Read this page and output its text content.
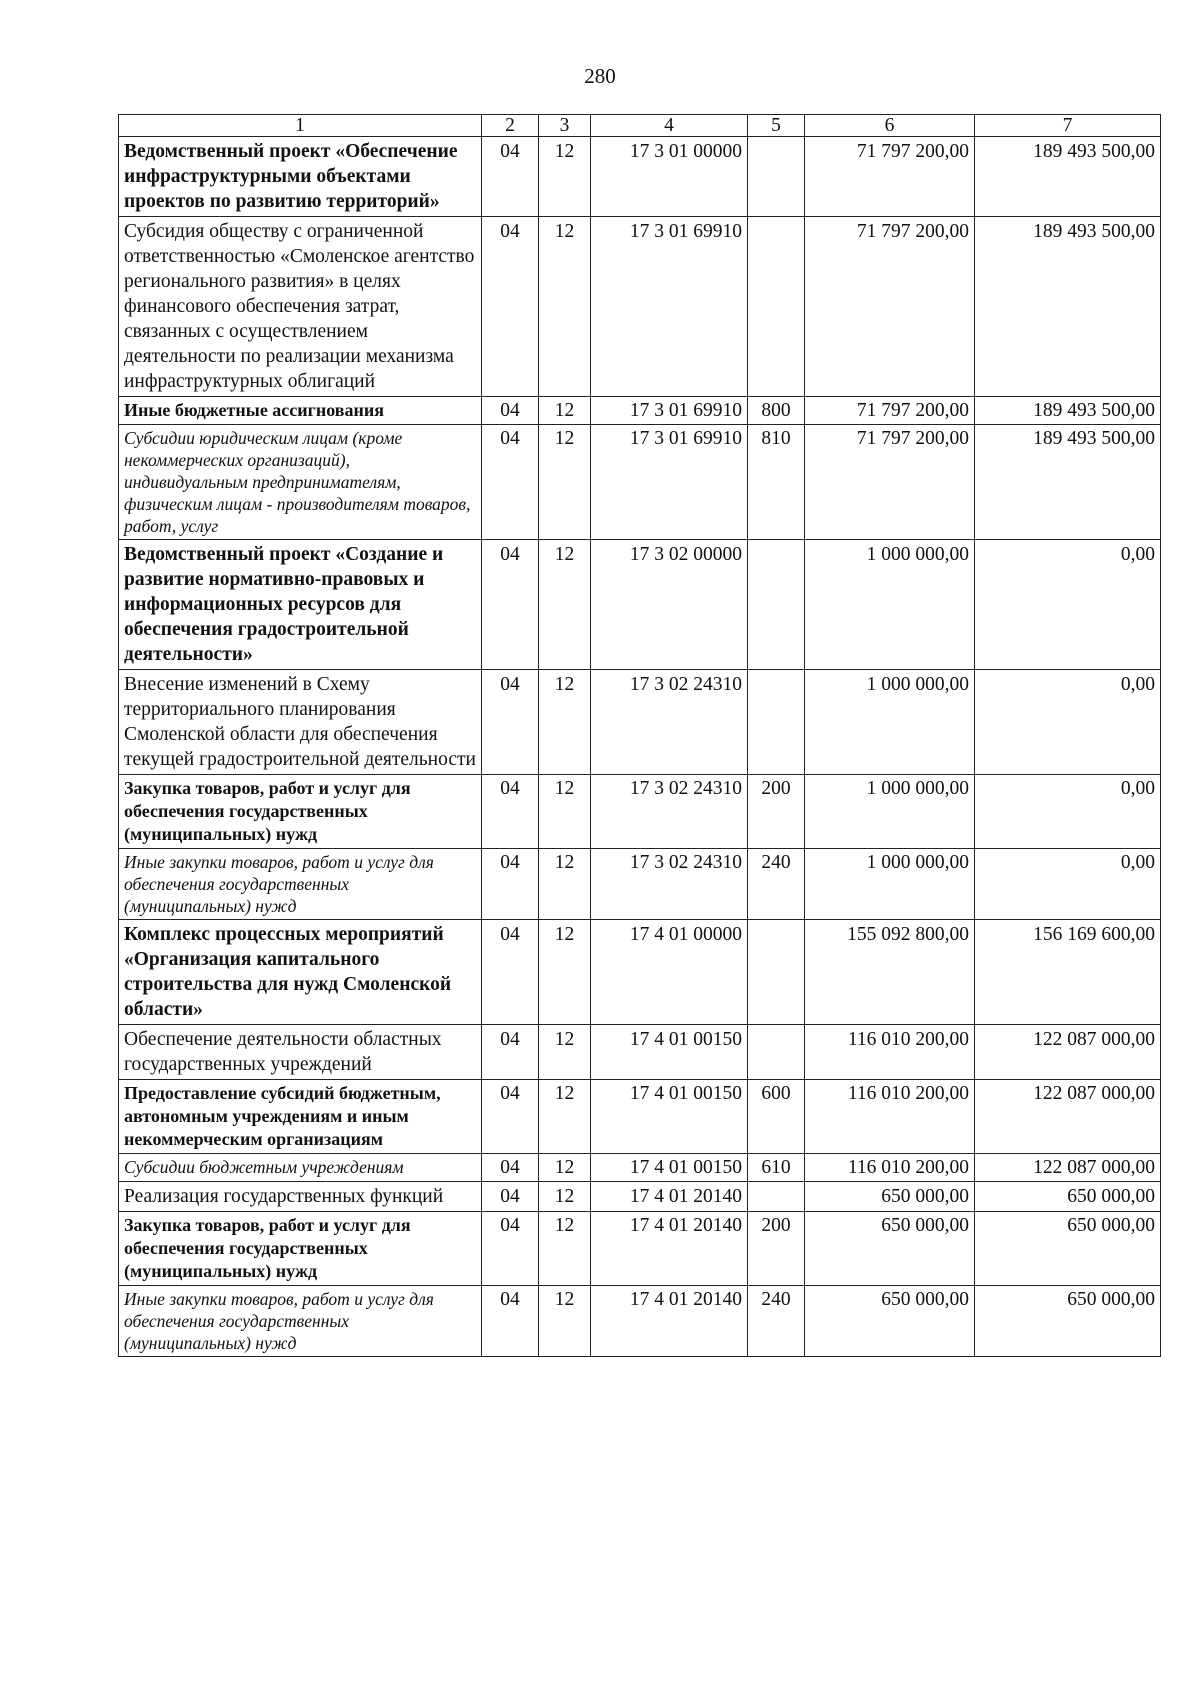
280
1	2	3	4	5	6	7
Ведомственный проект «Обеспечение инфраструктурными объектами проектов по развитию территорий»	04	12	17 3 01 00000		71 797 200,00	189 493 500,00
Субсидия обществу с ограниченной ответственностью «Смоленское агентство регионального развития» в целях финансового обеспечения затрат, связанных с осуществлением деятельности по реализации механизма инфраструктурных облигаций	04	12	17 3 01 69910		71 797 200,00	189 493 500,00
Иные бюджетные ассигнования	04	12	17 3 01 69910	800	71 797 200,00	189 493 500,00
Субсидии юридическим лицам (кроме некоммерческих организаций), индивидуальным предпринимателям, физическим лицам - производителям товаров, работ, услуг	04	12	17 3 01 69910	810	71 797 200,00	189 493 500,00
Ведомственный проект «Создание и развитие нормативно-правовых и информационных ресурсов для обеспечения градостроительной деятельности»	04	12	17 3 02 00000		1 000 000,00	0,00
Внесение изменений в Схему территориального планирования Смоленской области для обеспечения текущей градостроительной деятельности	04	12	17 3 02 24310		1 000 000,00	0,00
Закупка товаров, работ и услуг для обеспечения государственных (муниципальных) нужд	04	12	17 3 02 24310	200	1 000 000,00	0,00
Иные закупки товаров, работ и услуг для обеспечения государственных (муниципальных) нужд	04	12	17 3 02 24310	240	1 000 000,00	0,00
Комплекс процессных мероприятий «Организация капитального строительства для нужд Смоленской области»	04	12	17 4 01 00000		155 092 800,00	156 169 600,00
Обеспечение деятельности областных государственных учреждений	04	12	17 4 01 00150		116 010 200,00	122 087 000,00
Предоставление субсидий бюджетным, автономным учреждениям и иным некоммерческим организациям	04	12	17 4 01 00150	600	116 010 200,00	122 087 000,00
Субсидии бюджетным учреждениям	04	12	17 4 01 00150	610	116 010 200,00	122 087 000,00
Реализация государственных функций	04	12	17 4 01 20140		650 000,00	650 000,00
Закупка товаров, работ и услуг для обеспечения государственных (муниципальных) нужд	04	12	17 4 01 20140	200	650 000,00	650 000,00
Иные закупки товаров, работ и услуг для обеспечения государственных (муниципальных) нужд	04	12	17 4 01 20140	240	650 000,00	650 000,00
